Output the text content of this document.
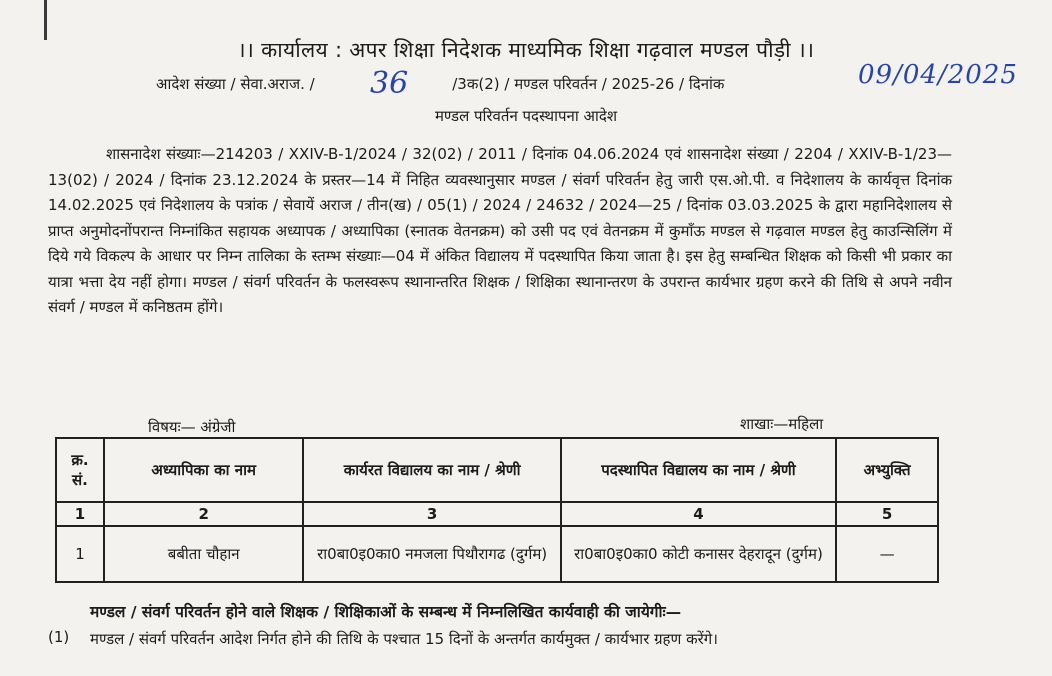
।। कार्यालय : अपर शिक्षा निदेशक माध्यमिक शिक्षा गढ़वाल मण्डल पौड़ी ।।
आदेश संख्या / सेवा.अराज. /	/3क(2) / मण्डल परिवर्तन / 2025-26 / दिनांक
36	09/04/2025
मण्डल परिवर्तन पदस्थापना आदेश
शासनादेश संख्याः—214203 / XXIV-B-1/2024 / 32(02) / 2011 / दिनांक 04.06.2024 एवं शासनादेश संख्या / 2204 / XXIV-B-1/23—13(02) / 2024 / दिनांक 23.12.2024 के प्रस्तर—14 में निहित व्यवस्थानुसार मण्डल / संवर्ग परिवर्तन हेतु जारी एस.ओ.पी. व निदेशालय के कार्यवृत्त दिनांक 14.02.2025 एवं निदेशालय के पत्रांक / सेवायें अराज / तीन(ख) / 05(1) / 2024 / 24632 / 2024—25 / दिनांक 03.03.2025 के द्वारा महानिदेशालय से प्राप्त अनुमोदनोंपरान्त निम्नांकित सहायक अध्यापक / अध्यापिका (स्नातक वेतनक्रम) को उसी पद एवं वेतनक्रम में कुमाँऊ मण्डल से गढ़वाल मण्डल हेतु काउन्सिलिंग में दिये गये विकल्प के आधार पर निम्न तालिका के स्तम्भ संख्याः—04 में अंकित विद्यालय में पदस्थापित किया जाता है। इस हेतु सम्बन्धित शिक्षक को किसी भी प्रकार का यात्रा भत्ता देय नहीं होगा। मण्डल / संवर्ग परिवर्तन के फलस्वरूप स्थानान्तरित शिक्षक / शिक्षिका स्थानान्तरण के उपरान्त कार्यभार ग्रहण करने की तिथि से अपने नवीन संवर्ग / मण्डल में कनिष्ठतम होंगे।
विषयः— अंग्रेजी	शाखाः—महिला
क्र. सं.	अध्यापिका का नाम	कार्यरत विद्यालय का नाम / श्रेणी	पदस्थापित विद्यालय का नाम / श्रेणी	अभ्युक्ति
1	2	3	4	5
1	बबीता चौहान	रा0बा0इ0का0 नमजला पिथौरागढ (दुर्गम)	रा0बा0इ0का0 कोटी कनासर देहरादून (दुर्गम)	—
मण्डल / संवर्ग परिवर्तन होने वाले शिक्षक / शिक्षिकाओं के सम्बन्ध में निम्नलिखित कार्यवाही की जायेगीः—
(1) मण्डल / संवर्ग परिवर्तन आदेश निर्गत होने की तिथि के पश्चात 15 दिनों के अन्तर्गत कार्यमुक्त / कार्यभार ग्रहण करेंगे।
